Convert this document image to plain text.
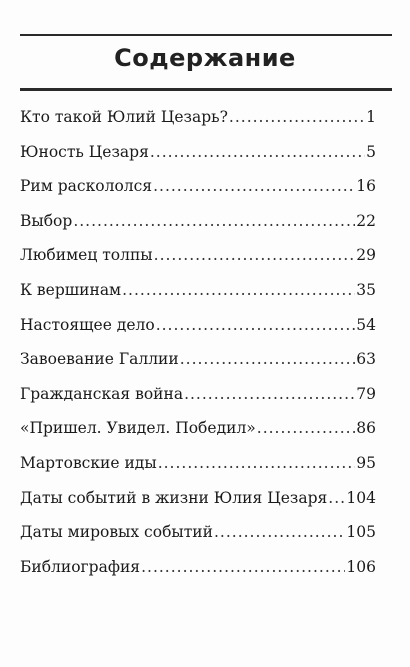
Содержание
Кто такой Юлий Цезарь? .....	1
Юность Цезаря .....	5
Рим раскололся .....	16
Выбор .....	22
Любимец толпы .....	29
К вершинам .....	35
Настоящее дело .....	54
Завоевание Галлии .....	63
Гражданская война .....	79
«Пришел. Увидел. Победил» .....	86
Мартовские иды .....	95
Даты событий в жизни Юлия Цезаря ..... 104
Даты мировых событий .....	105
Библиография .....	106
